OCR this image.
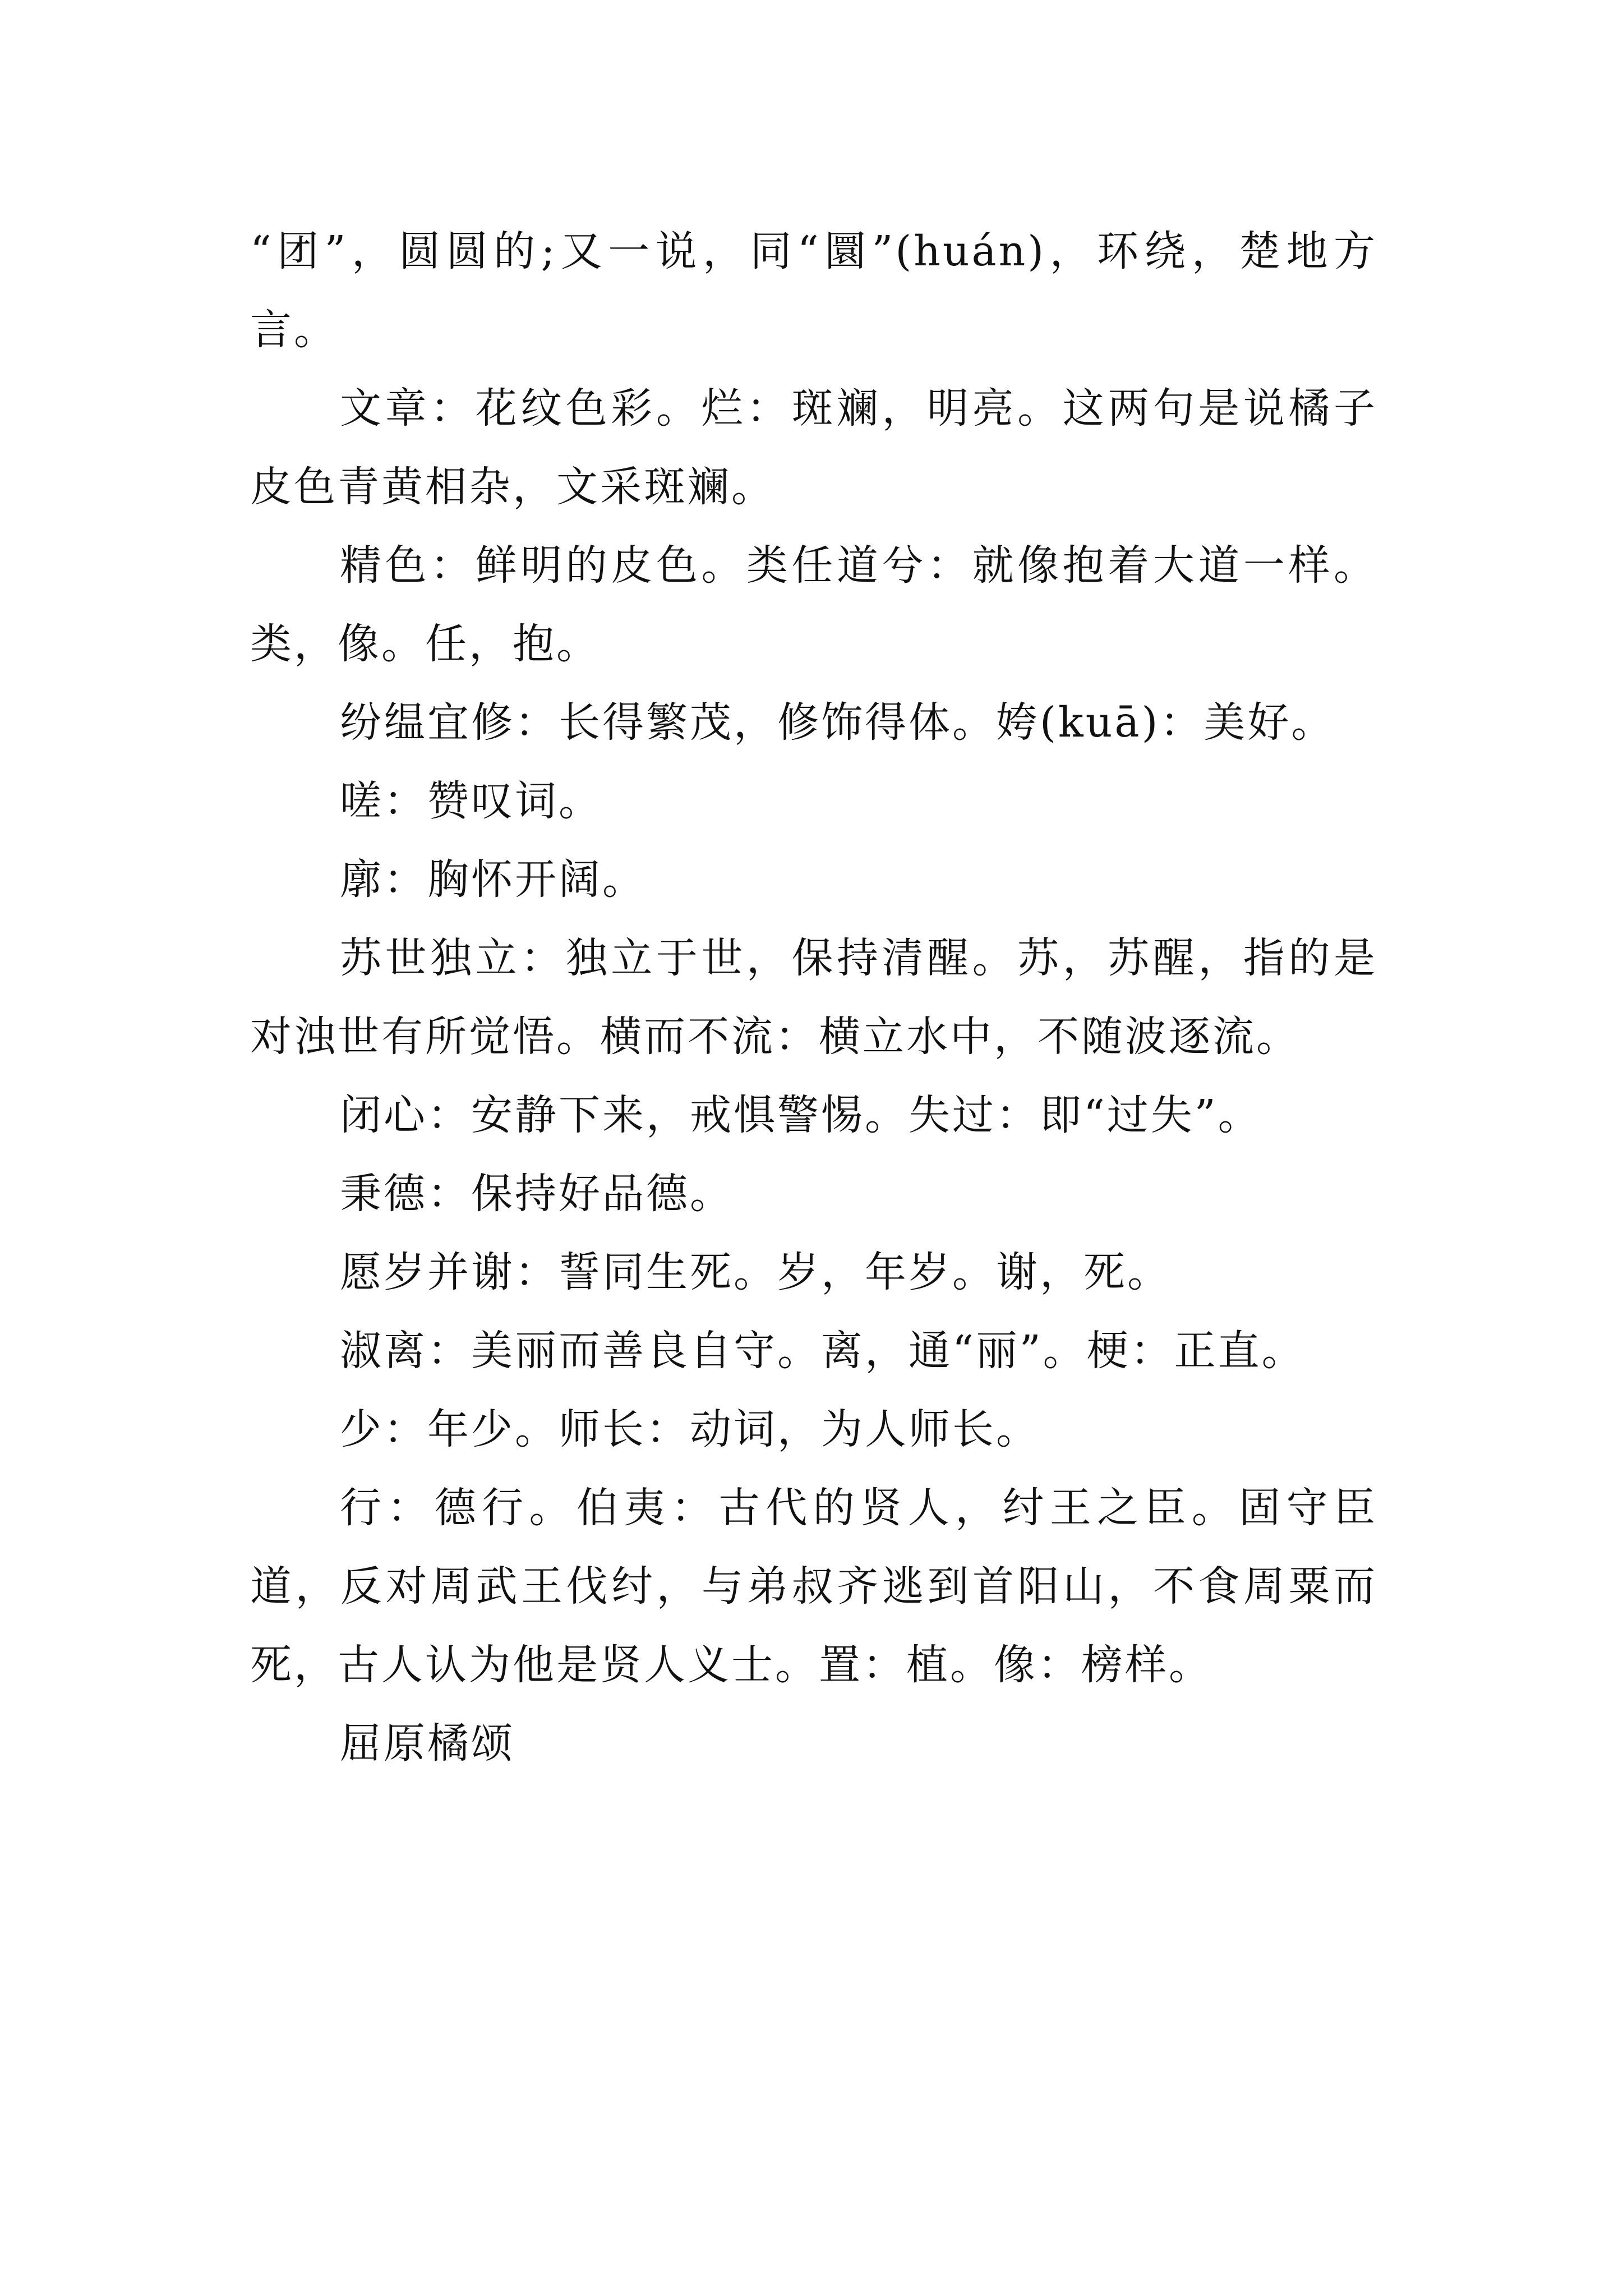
“团”，圆圆的;又一说，同“圜”(huán)，环绕，楚地方言。

文章：花纹色彩。烂：斑斓，明亮。这两句是说橘子皮色青黄相杂，文采斑斓。

精色：鲜明的皮色。类任道兮：就像抱着大道一样。类，像。任，抱。

纷缊宜修：长得繁茂，修饰得体。姱(kuā)：美好。

嗟：赞叹词。

廓：胸怀开阔。

苏世独立：独立于世，保持清醒。苏，苏醒，指的是对浊世有所觉悟。横而不流：横立水中，不随波逐流。

闭心：安静下来，戒惧警惕。失过：即“过失”。

秉德：保持好品德。

愿岁并谢：誓同生死。岁，年岁。谢，死。

淑离：美丽而善良自守。离，通“丽”。梗：正直。

少：年少。师长：动词，为人师长。

行：德行。伯夷：古代的贤人，纣王之臣。固守臣道，反对周武王伐纣，与弟叔齐逃到首阳山，不食周粟而死，古人认为他是贤人义士。置：植。像：榜样。

屈原橘颂
